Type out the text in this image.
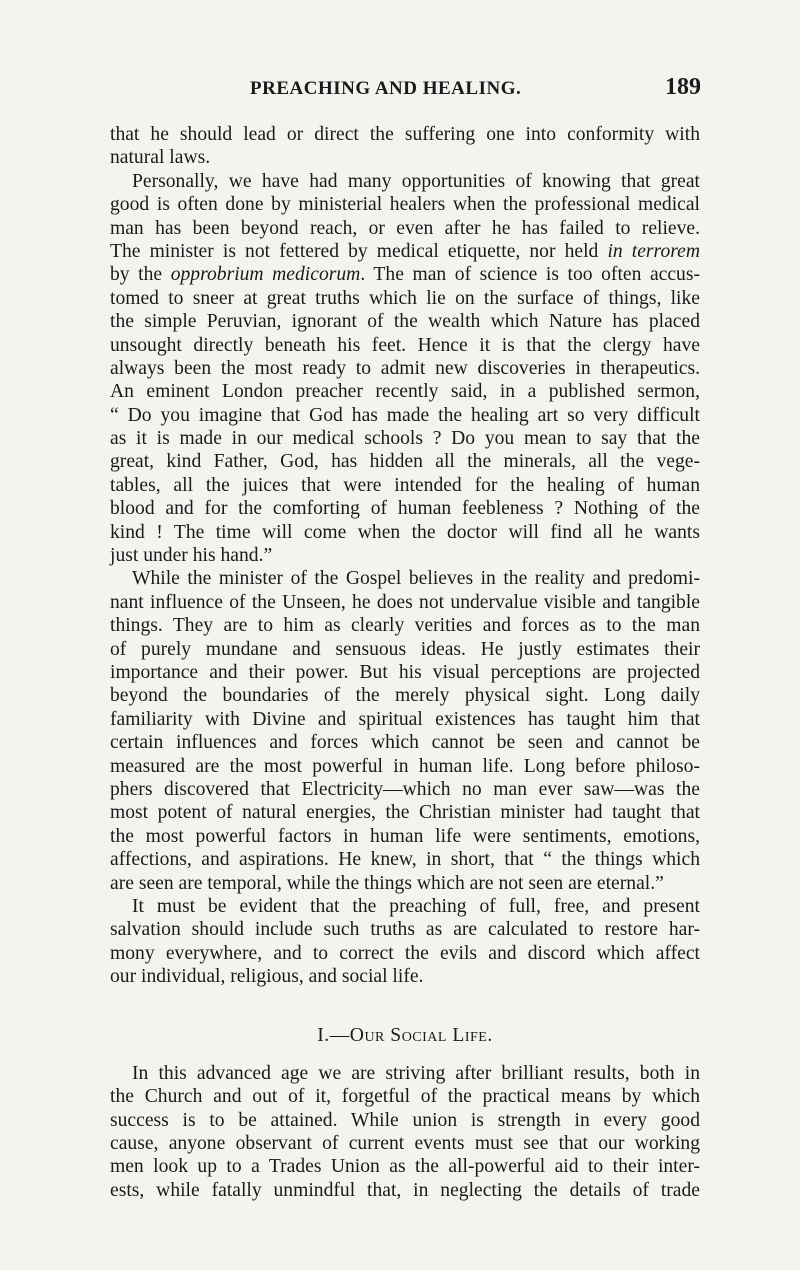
PREACHING AND HEALING.	189
that he should lead or direct the suffering one into conformity with
natural laws.
Personally, we have had many opportunities of knowing that great
good is often done by ministerial healers when the professional medical
man has been beyond reach, or even after he has failed to relieve.
The minister is not fettered by medical etiquette, nor held in terrorem
by the opprobrium medicorum. The man of science is too often accus-
tomed to sneer at great truths which lie on the surface of things, like
the simple Peruvian, ignorant of the wealth which Nature has placed
unsought directly beneath his feet. Hence it is that the clergy have
always been the most ready to admit new discoveries in therapeutics.
An eminent London preacher recently said, in a published sermon,
“ Do you imagine that God has made the healing art so very difficult
as it is made in our medical schools ? Do you mean to say that the
great, kind Father, God, has hidden all the minerals, all the vege-
tables, all the juices that were intended for the healing of human
blood and for the comforting of human feebleness ? Nothing of the
kind ! The time will come when the doctor will find all he wants
just under his hand.”
While the minister of the Gospel believes in the reality and predomi-
nant influence of the Unseen, he does not undervalue visible and tangible
things. They are to him as clearly verities and forces as to the man
of purely mundane and sensuous ideas. He justly estimates their
importance and their power. But his visual perceptions are projected
beyond the boundaries of the merely physical sight. Long daily
familiarity with Divine and spiritual existences has taught him that
certain influences and forces which cannot be seen and cannot be
measured are the most powerful in human life. Long before philoso-
phers discovered that Electricity—which no man ever saw—was the
most potent of natural energies, the Christian minister had taught that
the most powerful factors in human life were sentiments, emotions,
affections, and aspirations. He knew, in short, that “ the things which
are seen are temporal, while the things which are not seen are eternal.”
It must be evident that the preaching of full, free, and present
salvation should include such truths as are calculated to restore har-
mony everywhere, and to correct the evils and discord which affect
our individual, religious, and social life.
I.—Our Social Life.
In this advanced age we are striving after brilliant results, both in
the Church and out of it, forgetful of the practical means by which
success is to be attained. While union is strength in every good
cause, anyone observant of current events must see that our working
men look up to a Trades Union as the all-powerful aid to their inter-
ests, while fatally unmindful that, in neglecting the details of trade
